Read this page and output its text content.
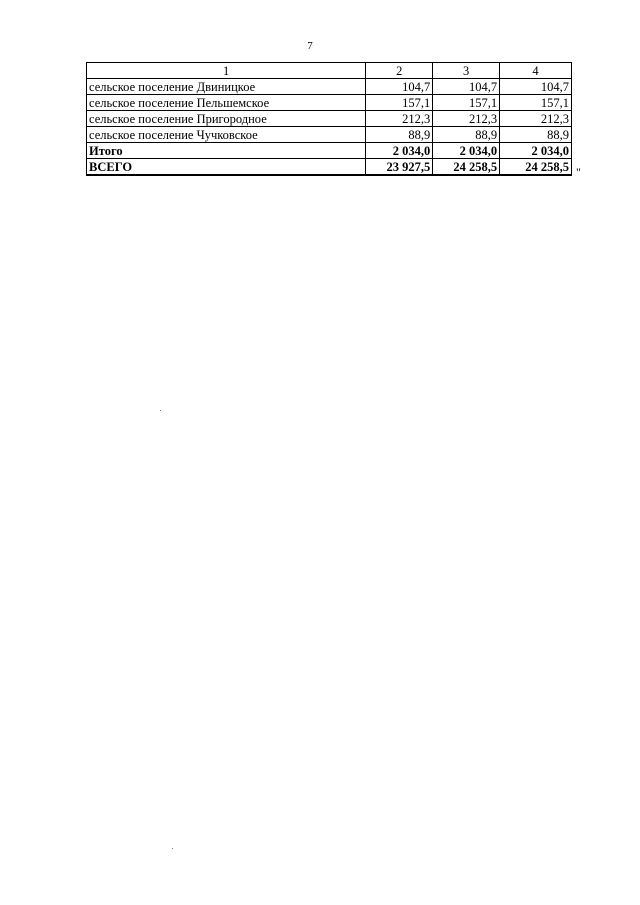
7
1	2	3	4
сельское поселение Двиницкое	104,7	104,7	104,7
сельское поселение Пельшемское	157,1	157,1	157,1
сельское поселение Пригородное	212,3	212,3	212,3
сельское поселение Чучковское	88,9	88,9	88,9
Итого	2 034,0	2 034,0	2 034,0
ВСЕГО	23 927,5	24 258,5	24 258,5 "
